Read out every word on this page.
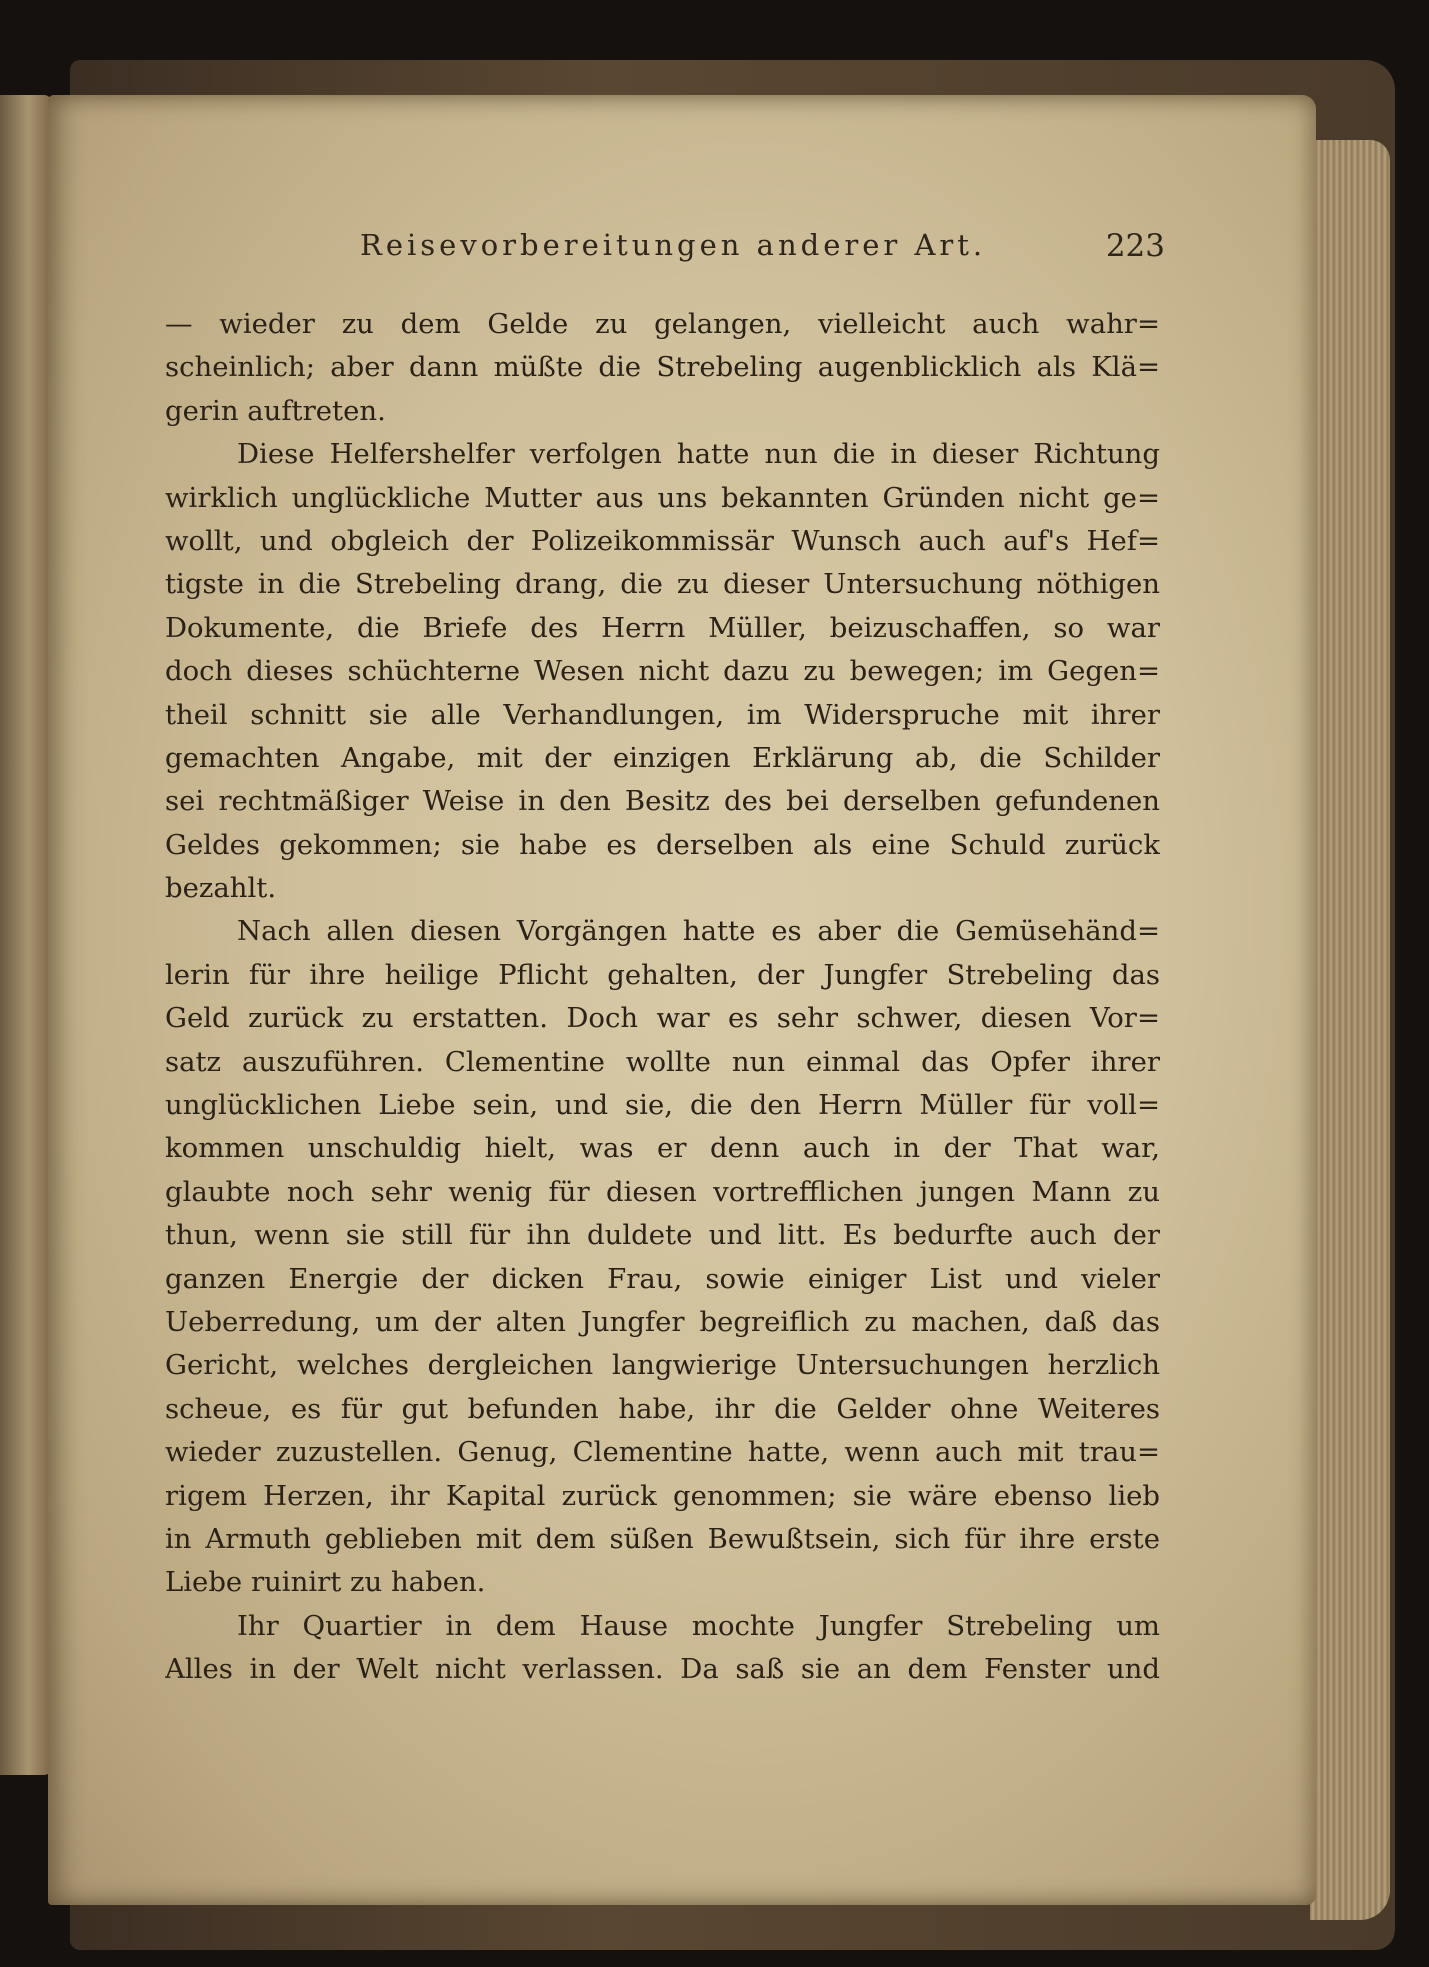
Reisevorbereitungen anderer Art.	223
— wieder zu dem Gelde zu gelangen, vielleicht auch wahr=
scheinlich; aber dann müßte die Strebeling augenblicklich als Klä=
gerin auftreten.
Diese Helfershelfer verfolgen hatte nun die in dieser Richtung
wirklich unglückliche Mutter aus uns bekannten Gründen nicht ge=
wollt, und obgleich der Polizeikommissär Wunsch auch auf's Hef=
tigste in die Strebeling drang, die zu dieser Untersuchung nöthigen
Dokumente, die Briefe des Herrn Müller, beizuschaffen, so war
doch dieses schüchterne Wesen nicht dazu zu bewegen; im Gegen=
theil schnitt sie alle Verhandlungen, im Widerspruche mit ihrer
gemachten Angabe, mit der einzigen Erklärung ab, die Schilder
sei rechtmäßiger Weise in den Besitz des bei derselben gefundenen
Geldes gekommen; sie habe es derselben als eine Schuld zurück
bezahlt.
Nach allen diesen Vorgängen hatte es aber die Gemüsehänd=
lerin für ihre heilige Pflicht gehalten, der Jungfer Strebeling das
Geld zurück zu erstatten. Doch war es sehr schwer, diesen Vor=
satz auszuführen. Clementine wollte nun einmal das Opfer ihrer
unglücklichen Liebe sein, und sie, die den Herrn Müller für voll=
kommen unschuldig hielt, was er denn auch in der That war,
glaubte noch sehr wenig für diesen vortrefflichen jungen Mann zu
thun, wenn sie still für ihn duldete und litt. Es bedurfte auch der
ganzen Energie der dicken Frau, sowie einiger List und vieler
Ueberredung, um der alten Jungfer begreiflich zu machen, daß das
Gericht, welches dergleichen langwierige Untersuchungen herzlich
scheue, es für gut befunden habe, ihr die Gelder ohne Weiteres
wieder zuzustellen. Genug, Clementine hatte, wenn auch mit trau=
rigem Herzen, ihr Kapital zurück genommen; sie wäre ebenso lieb
in Armuth geblieben mit dem süßen Bewußtsein, sich für ihre erste
Liebe ruinirt zu haben.
Ihr Quartier in dem Hause mochte Jungfer Strebeling um
Alles in der Welt nicht verlassen. Da saß sie an dem Fenster und
